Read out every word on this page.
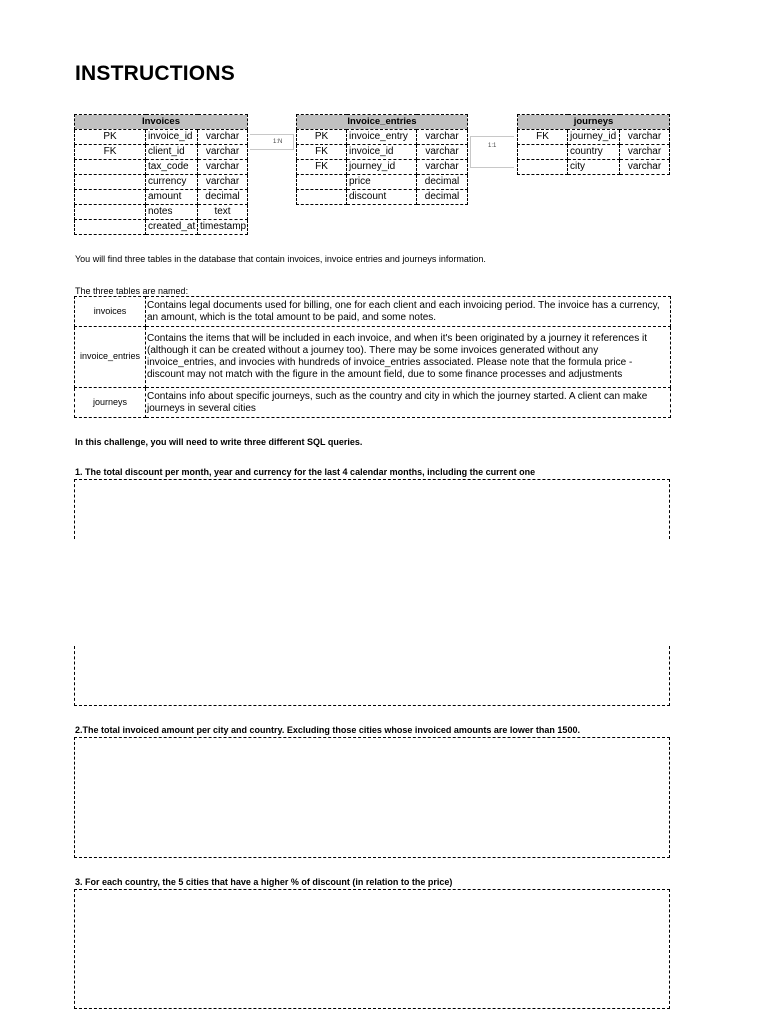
INSTRUCTIONS
Invoices		
PK	invoice_id	varchar
FK	client_id	varchar
	tax_code	varchar
	currency	varchar
	amount	decimal
	notes	text
	created_at	timestamp
Invoice_entries		
PK	invoice_entry	varchar
FK	invoice_id	varchar
FK	journey_id	varchar
	price	decimal
	discount	decimal
journeys		
FK	journey_id	varchar
	country	varchar
	city	varchar
1:N
1:1
You will find three tables in the database that contain invoices, invoice entries and journeys information.
The three tables are named:
invoices	Contains legal documents used for billing, one for each client and each invoicing period. The invoice has a currency, an amount, which is the total amount to be paid, and some notes.
invoice_entries	Contains the items that will be included in each invoice, and when it's been originated by a journey it references it (although it can be created without a journey too). There may be some invoices generated without any invoice_entries, and invocies with hundreds of invoice_entries associated. Please note that the formula price - discount may not match with the figure in the amount field, due to some finance processes and adjustments
journeys	Contains info about specific journeys, such as the country and city in which the journey started. A client can make journeys in several cities
In this challenge, you will need to write three different SQL queries.
1. The total discount per month, year and currency for the last 4 calendar months, including the current one
2.The total invoiced amount per city and country. Excluding those cities whose invoiced amounts are lower than 1500.
3. For each country, the 5 cities that have a higher % of discount (in relation to the price)
